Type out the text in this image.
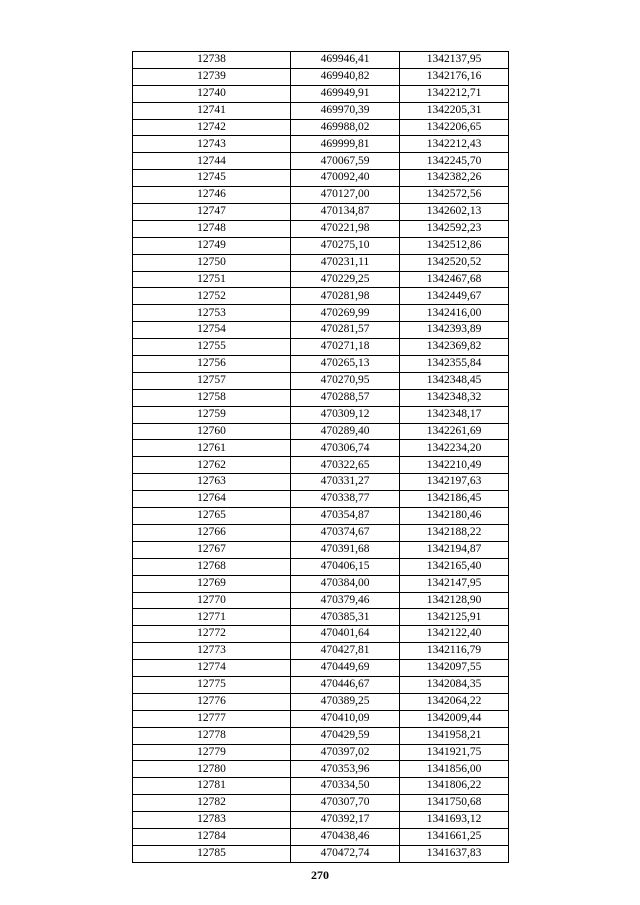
12738	469946,41	1342137,95
12739	469940,82	1342176,16
12740	469949,91	1342212,71
12741	469970,39	1342205,31
12742	469988,02	1342206,65
12743	469999,81	1342212,43
12744	470067,59	1342245,70
12745	470092,40	1342382,26
12746	470127,00	1342572,56
12747	470134,87	1342602,13
12748	470221,98	1342592,23
12749	470275,10	1342512,86
12750	470231,11	1342520,52
12751	470229,25	1342467,68
12752	470281,98	1342449,67
12753	470269,99	1342416,00
12754	470281,57	1342393,89
12755	470271,18	1342369,82
12756	470265,13	1342355,84
12757	470270,95	1342348,45
12758	470288,57	1342348,32
12759	470309,12	1342348,17
12760	470289,40	1342261,69
12761	470306,74	1342234,20
12762	470322,65	1342210,49
12763	470331,27	1342197,63
12764	470338,77	1342186,45
12765	470354,87	1342180,46
12766	470374,67	1342188,22
12767	470391,68	1342194,87
12768	470406,15	1342165,40
12769	470384,00	1342147,95
12770	470379,46	1342128,90
12771	470385,31	1342125,91
12772	470401,64	1342122,40
12773	470427,81	1342116,79
12774	470449,69	1342097,55
12775	470446,67	1342084,35
12776	470389,25	1342064,22
12777	470410,09	1342009,44
12778	470429,59	1341958,21
12779	470397,02	1341921,75
12780	470353,96	1341856,00
12781	470334,50	1341806,22
12782	470307,70	1341750,68
12783	470392,17	1341693,12
12784	470438,46	1341661,25
12785	470472,74	1341637,83
270
